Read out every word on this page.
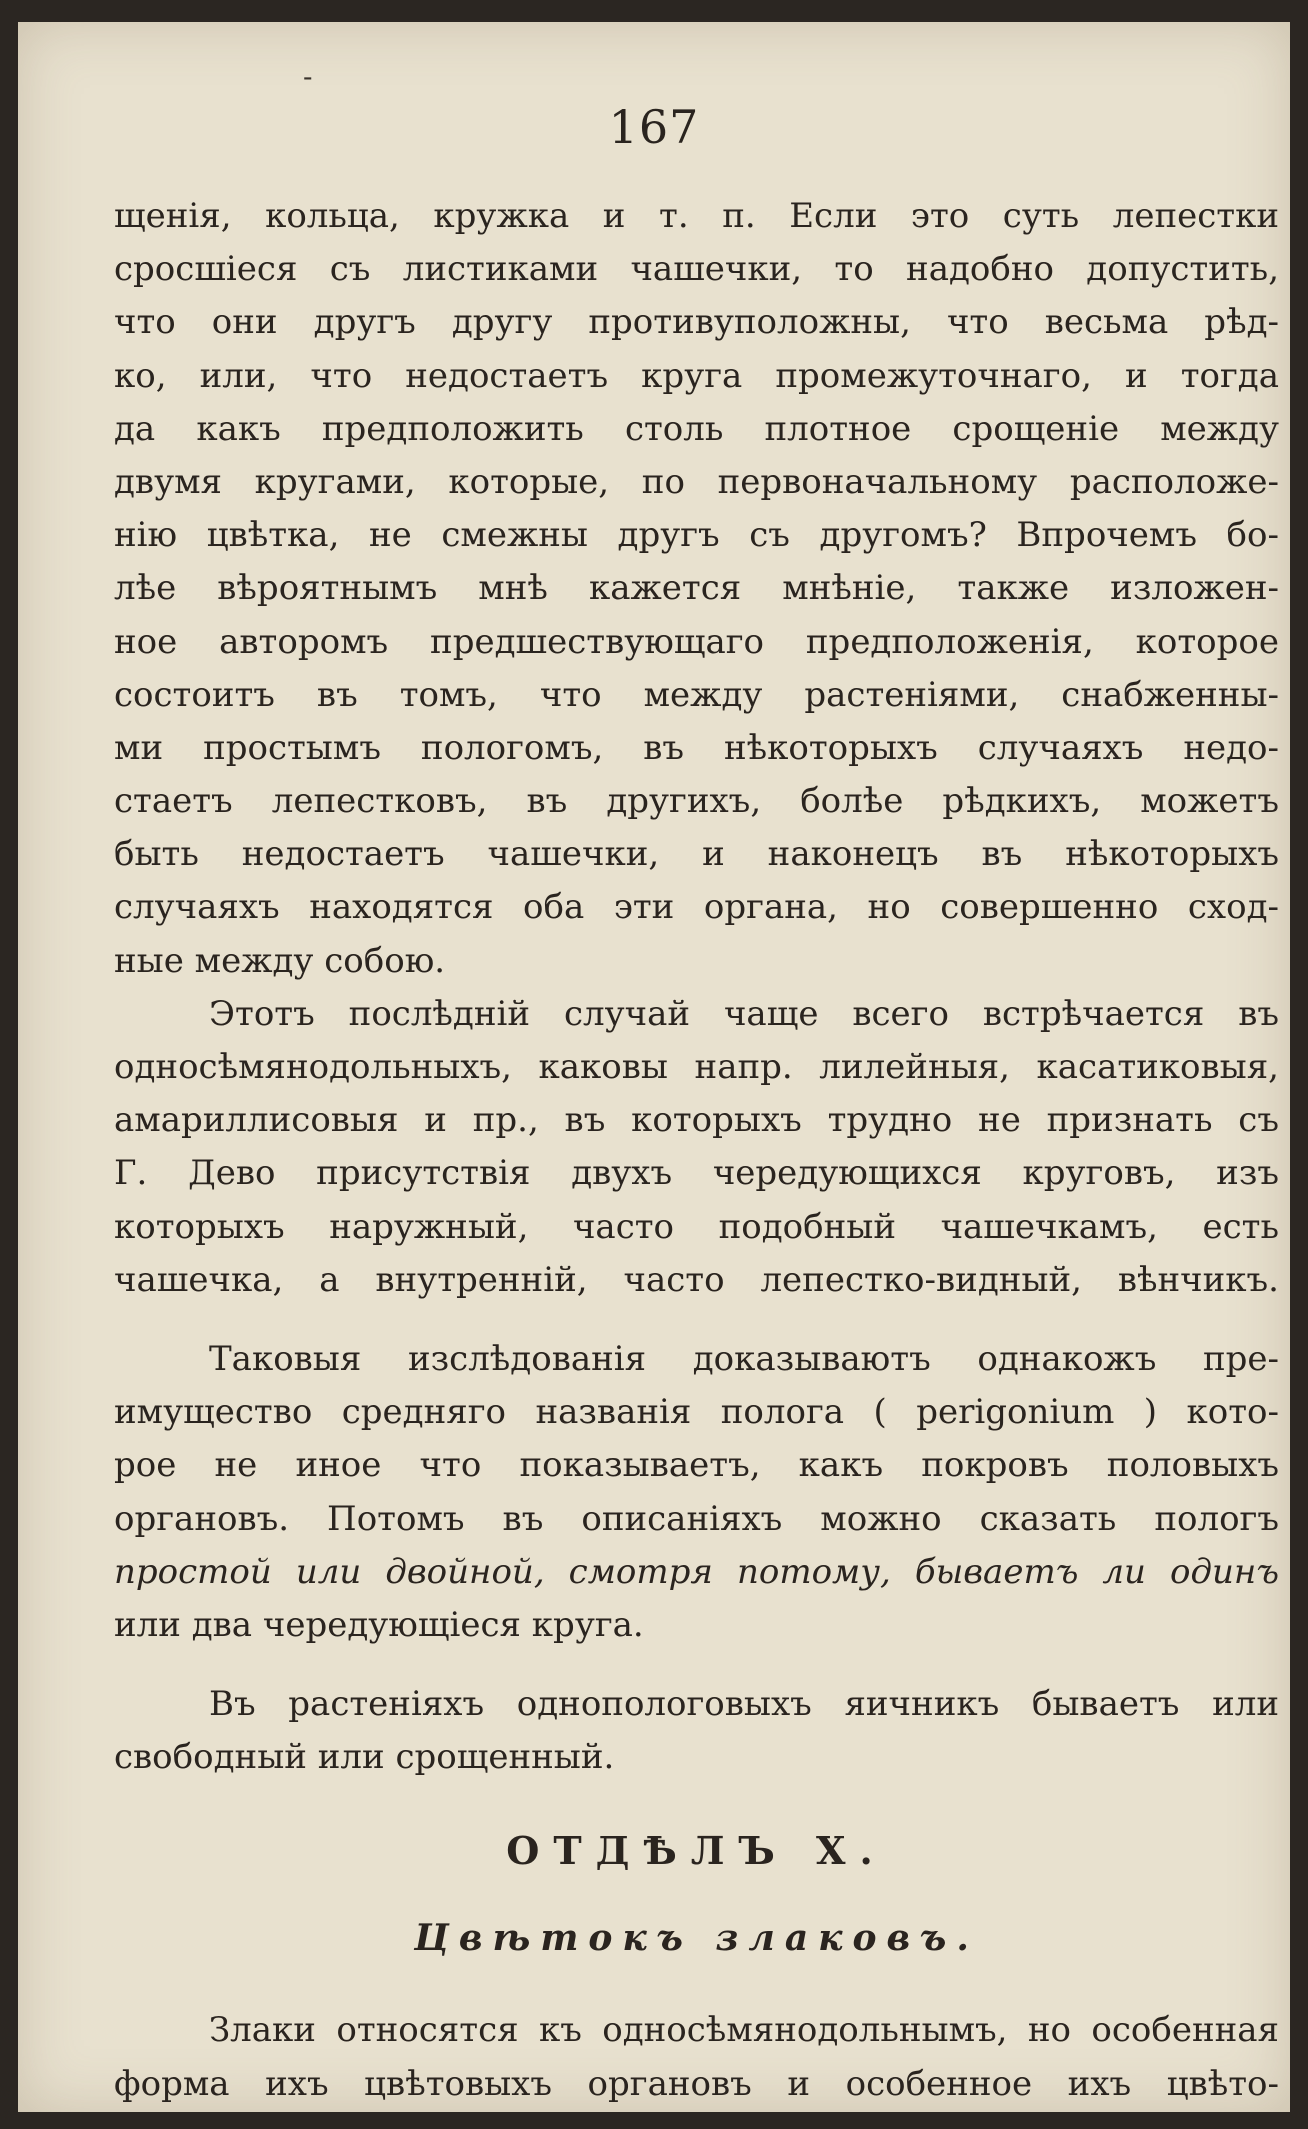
-
167
щенія, кольца, кружка и т. п. Если это суть лепестки
сросшіеся съ листиками чашечки, то надобно допустить,
что они другъ другу противуположны, что весьма рѣд-
ко, или, что недостаетъ круга промежуточнаго, и тогда
да какъ предположить столь плотное срощеніе между
двумя кругами, которые, по первоначальному расположе-
нію цвѣтка, не смежны другъ съ другомъ? Впрочемъ бо-
лѣе вѣроятнымъ мнѣ кажется мнѣніе, также изложен-
ное авторомъ предшествующаго предположенія, которое
состоитъ въ томъ, что между растеніями, снабженны-
ми простымъ пологомъ, въ нѣкоторыхъ случаяхъ недо-
стаетъ лепестковъ, въ другихъ, болѣе рѣдкихъ, можетъ
быть недостаетъ чашечки, и наконецъ въ нѣкоторыхъ
случаяхъ находятся оба эти органа, но совершенно сход-
ные между собою.
Этотъ послѣдній случай чаще всего встрѣчается въ
односѣмянодольныхъ, каковы напр. лилейныя, касатиковыя,
амариллисовыя и пр., въ которыхъ трудно не признать съ
Г. Дево присутствія двухъ чередующихся круговъ, изъ
которыхъ наружный, часто подобный чашечкамъ, есть
чашечка, а внутренній, часто лепестко-видный, вѣнчикъ.
Таковыя изслѣдованія доказываютъ однакожъ пре-
имущество средняго названія полога ( perigonium ) кото-
рое не иное что показываетъ, какъ покровъ половыхъ
органовъ. Потомъ въ описаніяхъ можно сказать пологъ
простой или двойной, смотря потому, бываетъ ли одинъ
или два чередующіеся круга.
Въ растеніяхъ однопологовыхъ яичникъ бываетъ или
свободный или срощенный.
ОТДѢЛЪ X.
Цвѣтокъ злаковъ.
Злаки относятся къ односѣмянодольнымъ, но особенная
форма ихъ цвѣтовыхъ органовъ и особенное ихъ цвѣто-
